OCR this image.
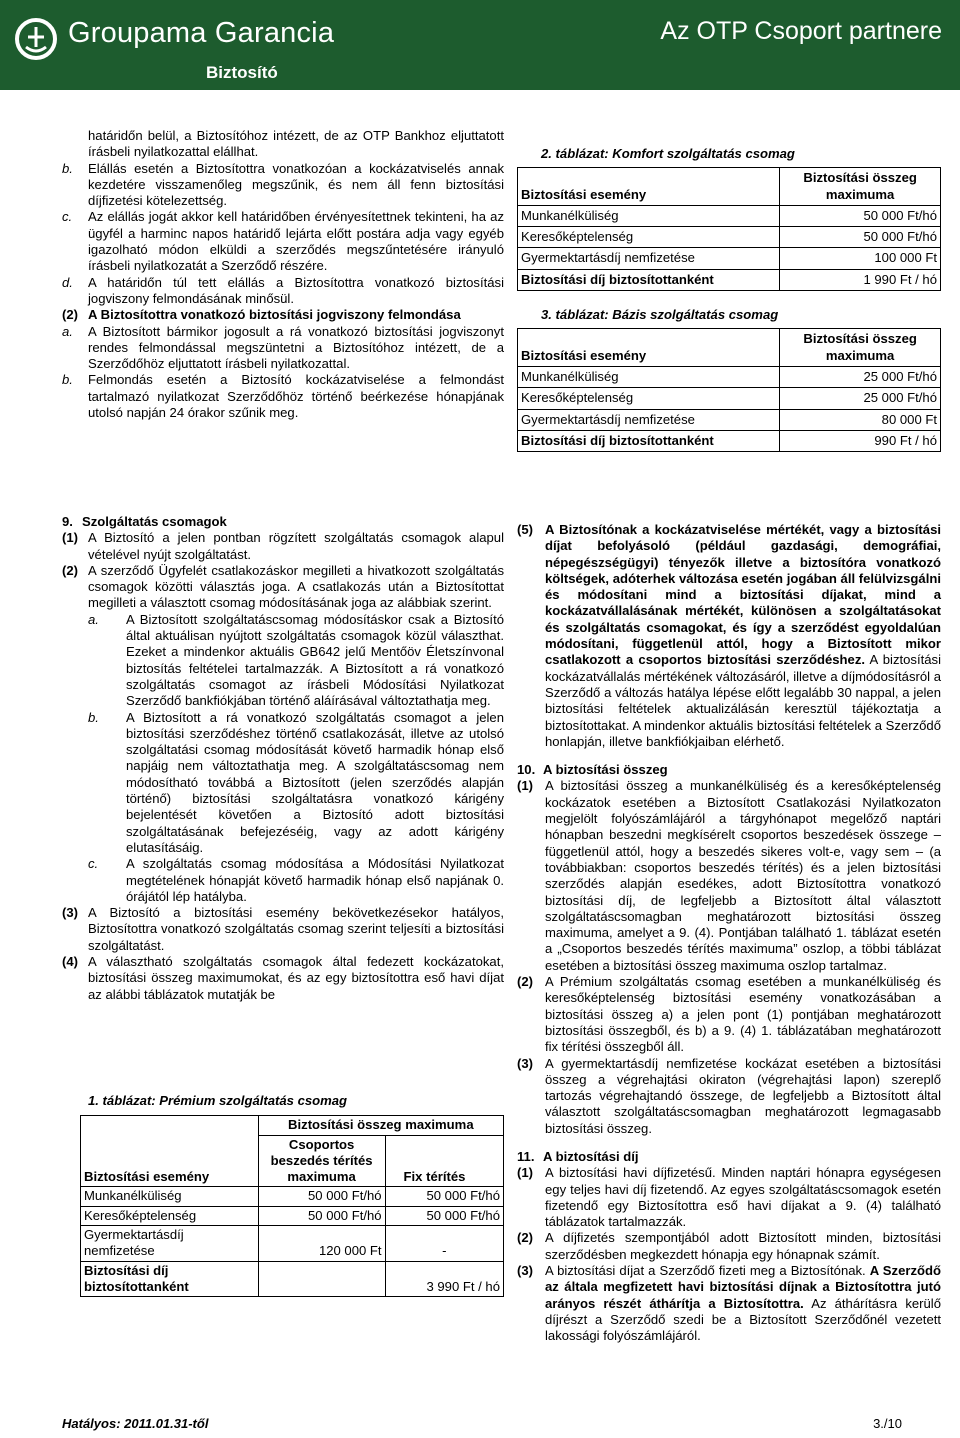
Groupama Garancia
Biztosító
Az OTP Csoport partnere
határidőn belül, a Biztosítóhoz intézett, de az OTP Bankhoz eljuttatott írásbeli nyilatkozattal elállhat.
b.	Elállás esetén a Biztosítottra vonatkozóan a kockázatviselés annak kezdetére visszamenőleg megszűnik, és nem áll fenn biztosítási díjfizetési kötelezettség.
c.	Az elállás jogát akkor kell határidőben érvényesítettnek tekinteni, ha az ügyfél a harminc napos határidő lejárta előtt postára adja vagy egyéb igazolható módon elküldi a szerződés megszűntetésére irányuló írásbeli nyilatkozatát a Szerződő részére.
d.	A határidőn túl tett elállás a Biztosítottra vonatkozó biztosítási jogviszony felmondásának minősül.
(2) A Biztosítottra vonatkozó biztosítási jogviszony felmondása
a.	A Biztosított bármikor jogosult a rá vonatkozó biztosítási jogviszonyt rendes felmondással megszüntetni a Biztosítóhoz intézett, de a Szerződőhöz eljuttatott írásbeli nyilatkozattal.
b.	Felmondás esetén a Biztosító kockázatviselése a felmondást tartalmazó nyilatkozat Szerződőhöz történő beérkezése hónapjának utolsó napján 24 órakor szűnik meg.
9. Szolgáltatás csomagok
(1) A Biztosító a jelen pontban rögzített szolgáltatás csomagok alapul vételével nyújt szolgáltatást.
(2) A szerződő Ügyfelét csatlakozáskor megilleti a hivatkozott szolgáltatás csomagok közötti választás joga. A csatlakozás után a Biztosítottat megilleti a választott csomag módosításának joga az alábbiak szerint.
a.	A Biztosított szolgáltatáscsomag módosításkor csak a Biztosító által aktuálisan nyújtott szolgáltatás csomagok közül választhat. Ezeket a mindenkor aktuális GB642 jelű Mentőöv Életszínvonal biztosítás feltételei tartalmazzák. A Biztosított a rá vonatkozó szolgáltatás csomagot az írásbeli Módosítási Nyilatkozat Szerződő bankfiókjában történő aláírásával változtathatja meg.
b.	A Biztosított a rá vonatkozó szolgáltatás csomagot a jelen biztosítási szerződéshez történő csatlakozását, illetve az utolsó szolgáltatási csomag módosítását követő harmadik hónap első napjáig nem változtathatja meg. A szolgáltatáscsomag nem módosítható továbbá a Biztosított (jelen szerződés alapján történő) biztosítási szolgáltatásra vonatkozó kárigény bejelentését követően a Biztosító adott biztosítási szolgáltatásának befejezéséig, vagy az adott kárigény elutasításáig.
c.	A szolgáltatás csomag módosítása a Módosítási Nyilatkozat megtételének hónapját követő harmadik hónap első napjának 0. órájától lép hatályba.
(3) A Biztosító a biztosítási esemény bekövetkezésekor hatályos, Biztosítottra vonatkozó szolgáltatás csomag szerint teljesíti a biztosítási szolgáltatást.
(4) A választható szolgáltatás csomagok által fedezett kockázatokat, biztosítási összeg maximumokat, és az egy biztosítottra eső havi díjat az alábbi táblázatok mutatják be
1. táblázat: Prémium szolgáltatás csomag
Biztosítási esemény	Biztosítási összeg maximuma	
	Csoportos beszedés térítés maximuma	Fix térítés
Munkanélküliség	50 000 Ft/hó	50 000 Ft/hó
Keresőképtelenség	50 000 Ft/hó	50 000 Ft/hó
Gyermektartásdíj nemfizetése	120 000 Ft	-
Biztosítási díj biztosítottanként		3 990 Ft / hó
2. táblázat: Komfort szolgáltatás csomag
Biztosítási esemény	Biztosítási összeg maximuma
Munkanélküliség	50 000 Ft/hó
Keresőképtelenség	50 000 Ft/hó
Gyermektartásdíj nemfizetése	100 000 Ft
Biztosítási díj biztosítottanként	1 990 Ft / hó
3. táblázat: Bázis szolgáltatás csomag
Biztosítási esemény	Biztosítási összeg maximuma
Munkanélküliség	25 000 Ft/hó
Keresőképtelenség	25 000 Ft/hó
Gyermektartásdíj nemfizetése	80 000 Ft
Biztosítási díj biztosítottanként	990 Ft / hó
(5) A Biztosítónak a kockázatviselése mértékét, vagy a biztosítási díjat befolyásoló (például gazdasági, demográfiai, népegészségügyi) tényezők illetve a biztosítóra vonatkozó költségek, adóterhek változása esetén jogában áll felülvizsgálni és módosítani mind a biztosítási díjakat, mind a kockázatvállalásának mértékét, különösen a szolgáltatásokat és szolgáltatás csomagokat, és így a szerződést egyoldalúan módosítani, függetlenül attól, hogy a Biztosított mikor csatlakozott a csoportos biztosítási szerződéshez. A biztosítási kockázatvállalás mértékének változásáról, illetve a díjmódosításról a Szerződő a változás hatálya lépése előtt legalább 30 nappal, a jelen biztosítási feltételek aktualizálásán keresztül tájékoztatja a biztosítottakat. A mindenkor aktuális biztosítási feltételek a Szerződő honlapján, illetve bankfiókjaiban elérhető.
10. A biztosítási összeg
(1) A biztosítási összeg a munkanélküliség és a keresőképtelenség kockázatok esetében a Biztosított Csatlakozási Nyilatkozaton megjelölt folyószámlájáról a tárgyhónapot megelőző naptári hónapban beszedni megkísérelt csoportos beszedések összege – függetlenül attól, hogy a beszedés sikeres volt-e, vagy sem – (a továbbiakban: csoportos beszedés térítés) és a jelen biztosítási szerződés alapján esedékes, adott Biztosítottra vonatkozó biztosítási díj, de legfeljebb a Biztosított által választott szolgáltatáscsomagban meghatározott biztosítási összeg maximuma, amelyet a 9. (4). Pontjában található 1. táblázat esetén a „Csoportos beszedés térítés maximuma” oszlop, a többi táblázat esetében a biztosítási összeg maximuma oszlop tartalmaz.
(2) A Prémium szolgáltatás csomag esetében a munkanélküliség és keresőképtelenség biztosítási esemény vonatkozásában a biztosítási összeg a) a jelen pont (1) pontjában meghatározott biztosítási összegből, és b) a 9. (4) 1. táblázatában meghatározott fix térítési összegből áll.
(3) A gyermektartásdíj nemfizetése kockázat esetében a biztosítási összeg a végrehajtási okiraton (végrehajtási lapon) szereplő tartozás végrehajtandó összege, de legfeljebb a Biztosított által választott szolgáltatáscsomagban meghatározott legmagasabb biztosítási összeg.
11. A biztosítási díj
(1) A biztosítási havi díjfizetésű. Minden naptári hónapra egységesen egy teljes havi díj fizetendő. Az egyes szolgáltatáscsomagok esetén fizetendő egy Biztosítottra eső havi díjakat a 9. (4) található táblázatok tartalmazzák.
(2) A díjfizetés szempontjából adott Biztosított minden, biztosítási szerződésben megkezdett hónapja egy hónapnak számít.
(3) A biztosítási díjat a Szerződő fizeti meg a Biztosítónak. A Szerződő az általa megfizetett havi biztosítási díjnak a Biztosítottra jutó arányos részét áthárítja a Biztosítottra. Az áthárításra kerülő díjrészt a Szerződő szedi be a Biztosított Szerződőnél vezetett lakossági folyószámlájáról.
Hatályos: 2011.01.31-től	3./10
